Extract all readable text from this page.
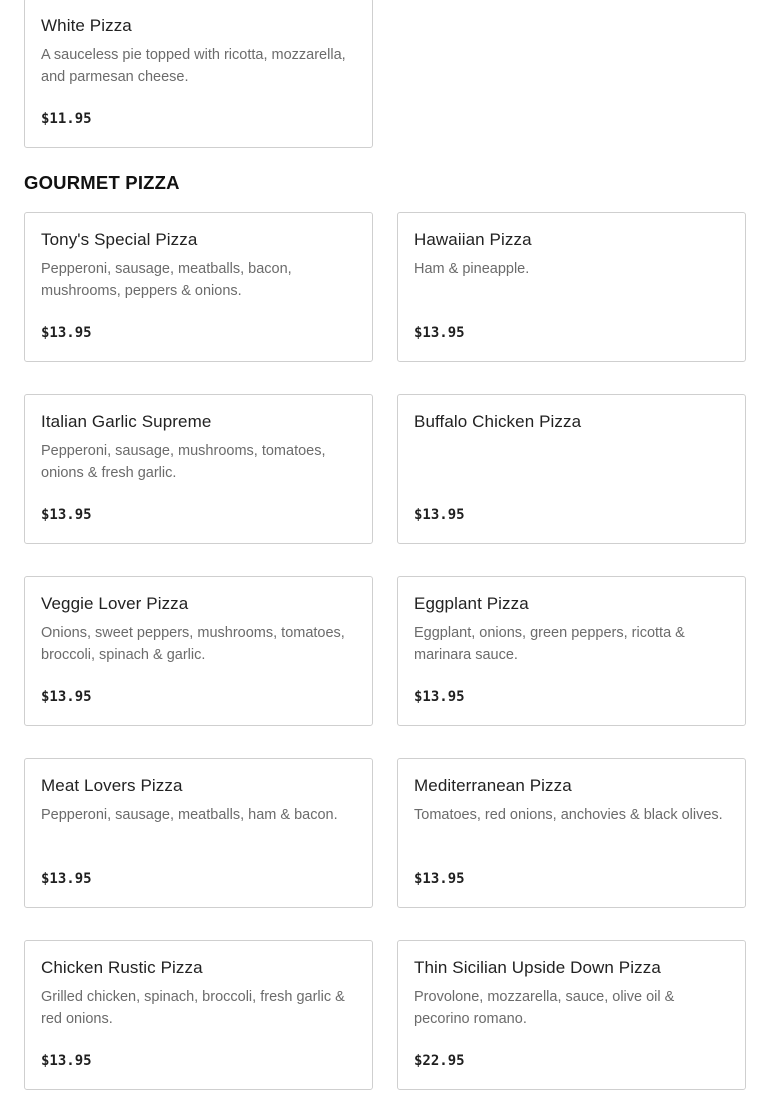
White Pizza
A sauceless pie topped with ricotta, mozzarella, and parmesan cheese.
$11.95
GOURMET PIZZA
Tony's Special Pizza
Pepperoni, sausage, meatballs, bacon, mushrooms, peppers & onions.
$13.95
Hawaiian Pizza
Ham & pineapple.
$13.95
Italian Garlic Supreme
Pepperoni, sausage, mushrooms, tomatoes, onions & fresh garlic.
$13.95
Buffalo Chicken Pizza
$13.95
Veggie Lover Pizza
Onions, sweet peppers, mushrooms, tomatoes, broccoli, spinach & garlic.
$13.95
Eggplant Pizza
Eggplant, onions, green peppers, ricotta & marinara sauce.
$13.95
Meat Lovers Pizza
Pepperoni, sausage, meatballs, ham & bacon.
$13.95
Mediterranean Pizza
Tomatoes, red onions, anchovies & black olives.
$13.95
Chicken Rustic Pizza
Grilled chicken, spinach, broccoli, fresh garlic & red onions.
$13.95
Thin Sicilian Upside Down Pizza
Provolone, mozzarella, sauce, olive oil & pecorino romano.
$22.95
